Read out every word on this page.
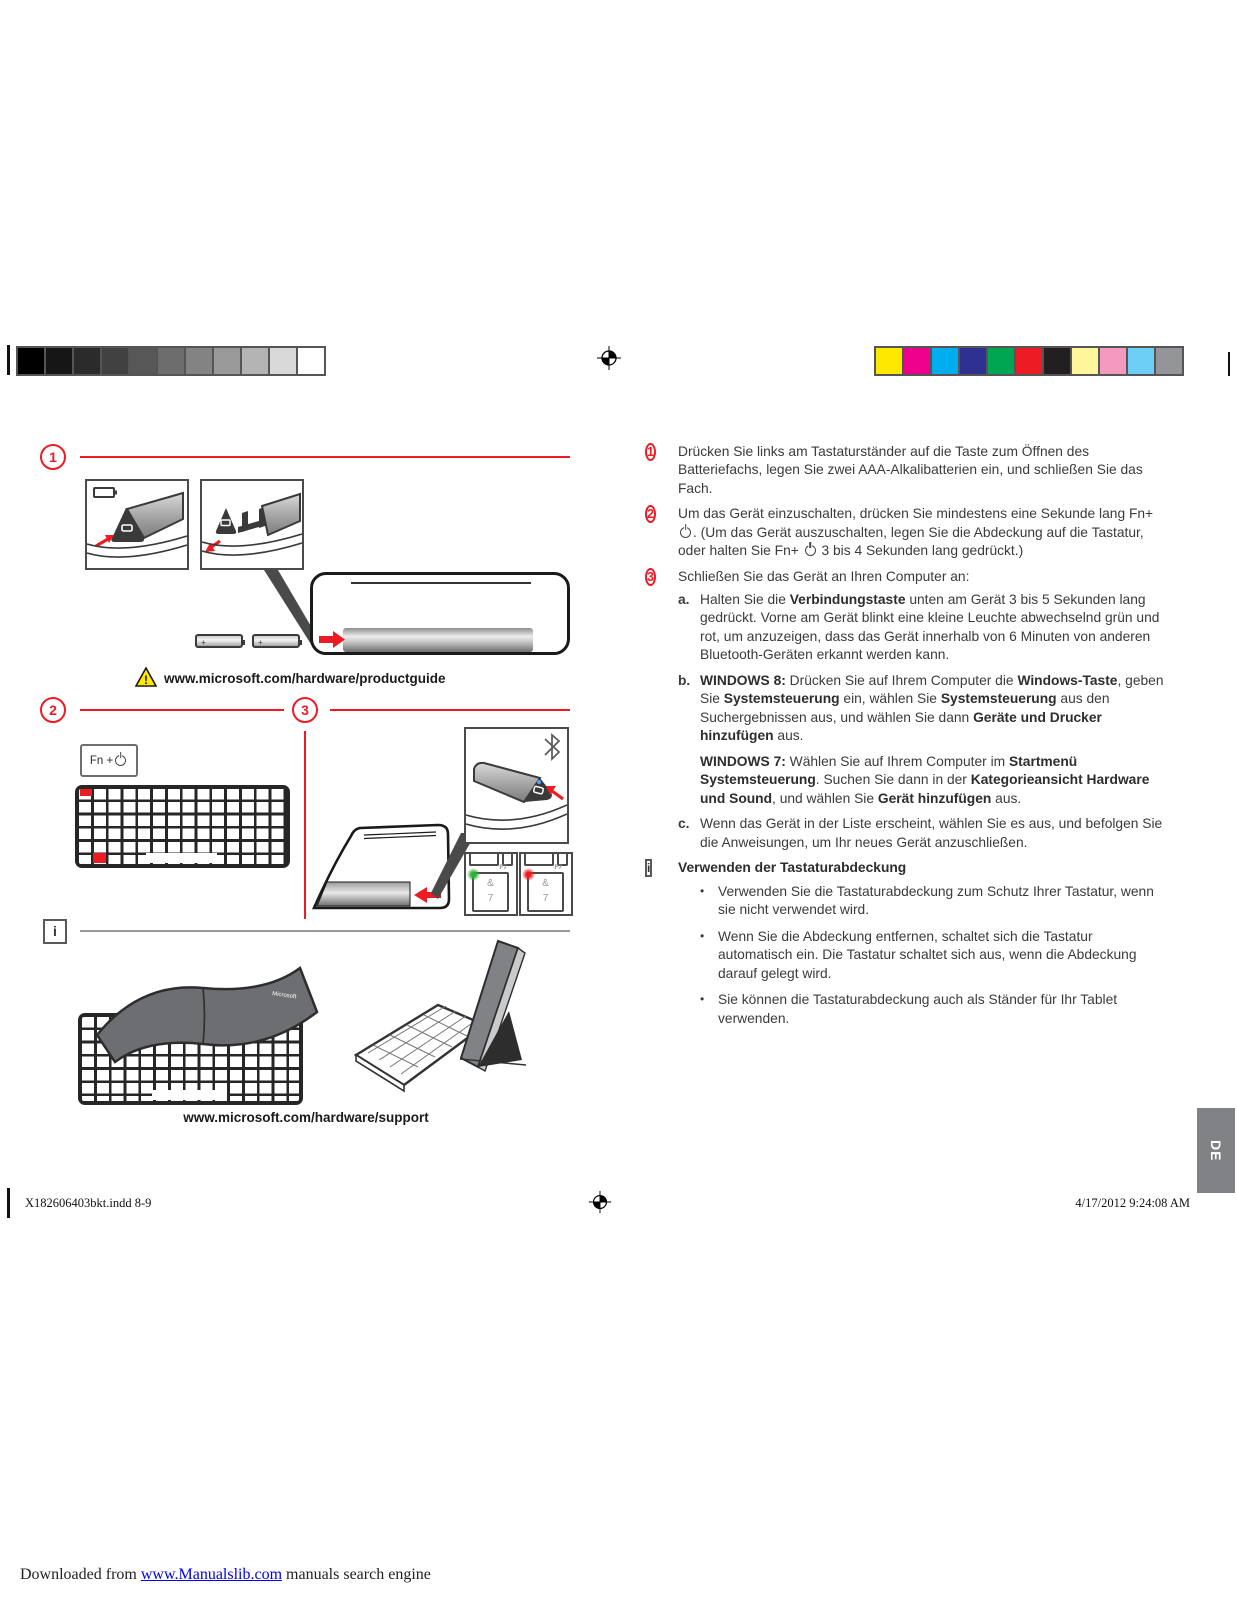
1
+	+
! www.microsoft.com/hardware/productguide
2	3
Fn +
F7
&
7
F7
&
7
i
Microsoft
www.microsoft.com/hardware/support
1	Drücken Sie links am Tastaturständer auf die Taste zum Öffnen des Batteriefachs, legen Sie zwei AAA-Alkalibatterien ein, und schließen Sie das Fach.

2	Um das Gerät einzuschalten, drücken Sie mindestens eine Sekunde lang Fn+ . (Um das Gerät auszuschalten, legen Sie die Abdeckung auf die Tastatur, oder halten Sie Fn+  3 bis 4 Sekunden lang gedrückt.)

3	Schließen Sie das Gerät an Ihren Computer an:

a. Halten Sie die Verbindungstaste unten am Gerät 3 bis 5 Sekunden lang gedrückt. Vorne am Gerät blinkt eine kleine Leuchte abwechselnd grün und rot, um anzuzeigen, dass das Gerät innerhalb von 6 Minuten von anderen Bluetooth-Geräten erkannt werden kann.

b. WINDOWS 8: Drücken Sie auf Ihrem Computer die Windows-Taste, geben Sie Systemsteuerung ein, wählen Sie Systemsteuerung aus den Suchergebnissen aus, und wählen Sie dann Geräte und Drucker hinzufügen aus.

WINDOWS 7: Wählen Sie auf Ihrem Computer im Startmenü Systemsteuerung. Suchen Sie dann in der Kategorieansicht Hardware und Sound, und wählen Sie Gerät hinzufügen aus.

c. Wenn das Gerät in der Liste erscheint, wählen Sie es aus, und befolgen Sie die Anweisungen, um Ihr neues Gerät anzuschließen.

i	Verwenden der Tastaturabdeckung

• Verwenden Sie die Tastaturabdeckung zum Schutz Ihrer Tastatur, wenn sie nicht verwendet wird.

• Wenn Sie die Abdeckung entfernen, schaltet sich die Tastatur automatisch ein. Die Tastatur schaltet sich aus, wenn die Abdeckung darauf gelegt wird.

• Sie können die Tastaturabdeckung auch als Ständer für Ihr Tablet verwenden.

DE
X182606403bkt.indd 8-9	4/17/2012 9:24:08 AM
Downloaded from www.Manualslib.com manuals search engine
